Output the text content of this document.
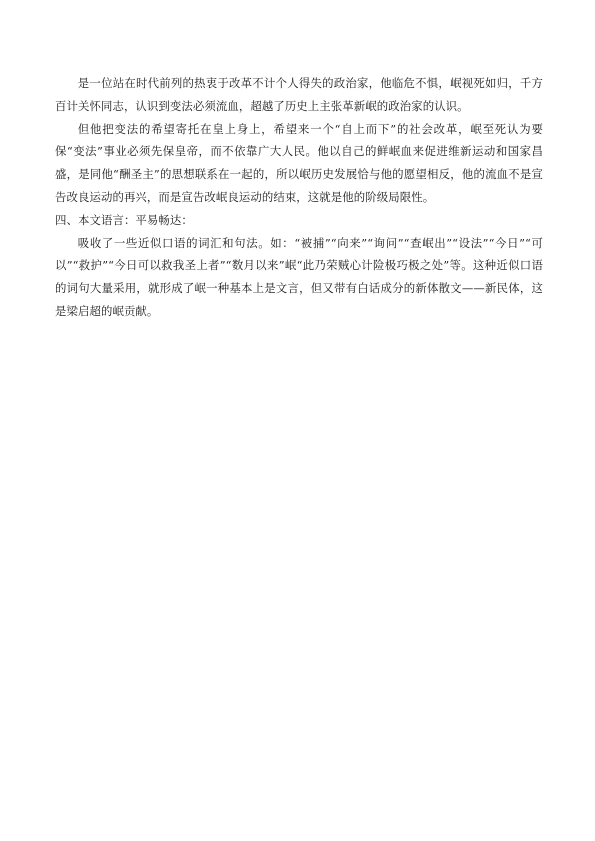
是一位站在时代前列的热衷于改革不计个人得失的政治家，他临危不惧，岷视死如归，千方百计关怀同志，认识到变法必须流血，超越了历史上主张革新岷的政治家的认识。

但他把变法的希望寄托在皇上身上，希望来一个“自上而下”的社会改革，岷至死认为要保“变法”事业必须先保皇帝，而不依靠广大人民。他以自己的鲜岷血来促进维新运动和国家昌盛，是同他“酬圣主”的思想联系在一起的，所以岷历史发展恰与他的愿望相反，他的流血不是宣告改良运动的再兴，而是宣告改岷良运动的结束，这就是他的阶级局限性。

四、本文语言：平易畅达：

吸收了一些近似口语的词汇和句法。如：“被捕”“向来”“询问”“查岷出”“设法”“今日”“可以”“救护”“今日可以救我圣上者”“数月以来”岷“此乃荣贼心计险极巧极之处”等。这种近似口语的词句大量采用，就形成了岷一种基本上是文言，但又带有白话成分的新体散文——新民体，这是梁启超的岷贡献。
